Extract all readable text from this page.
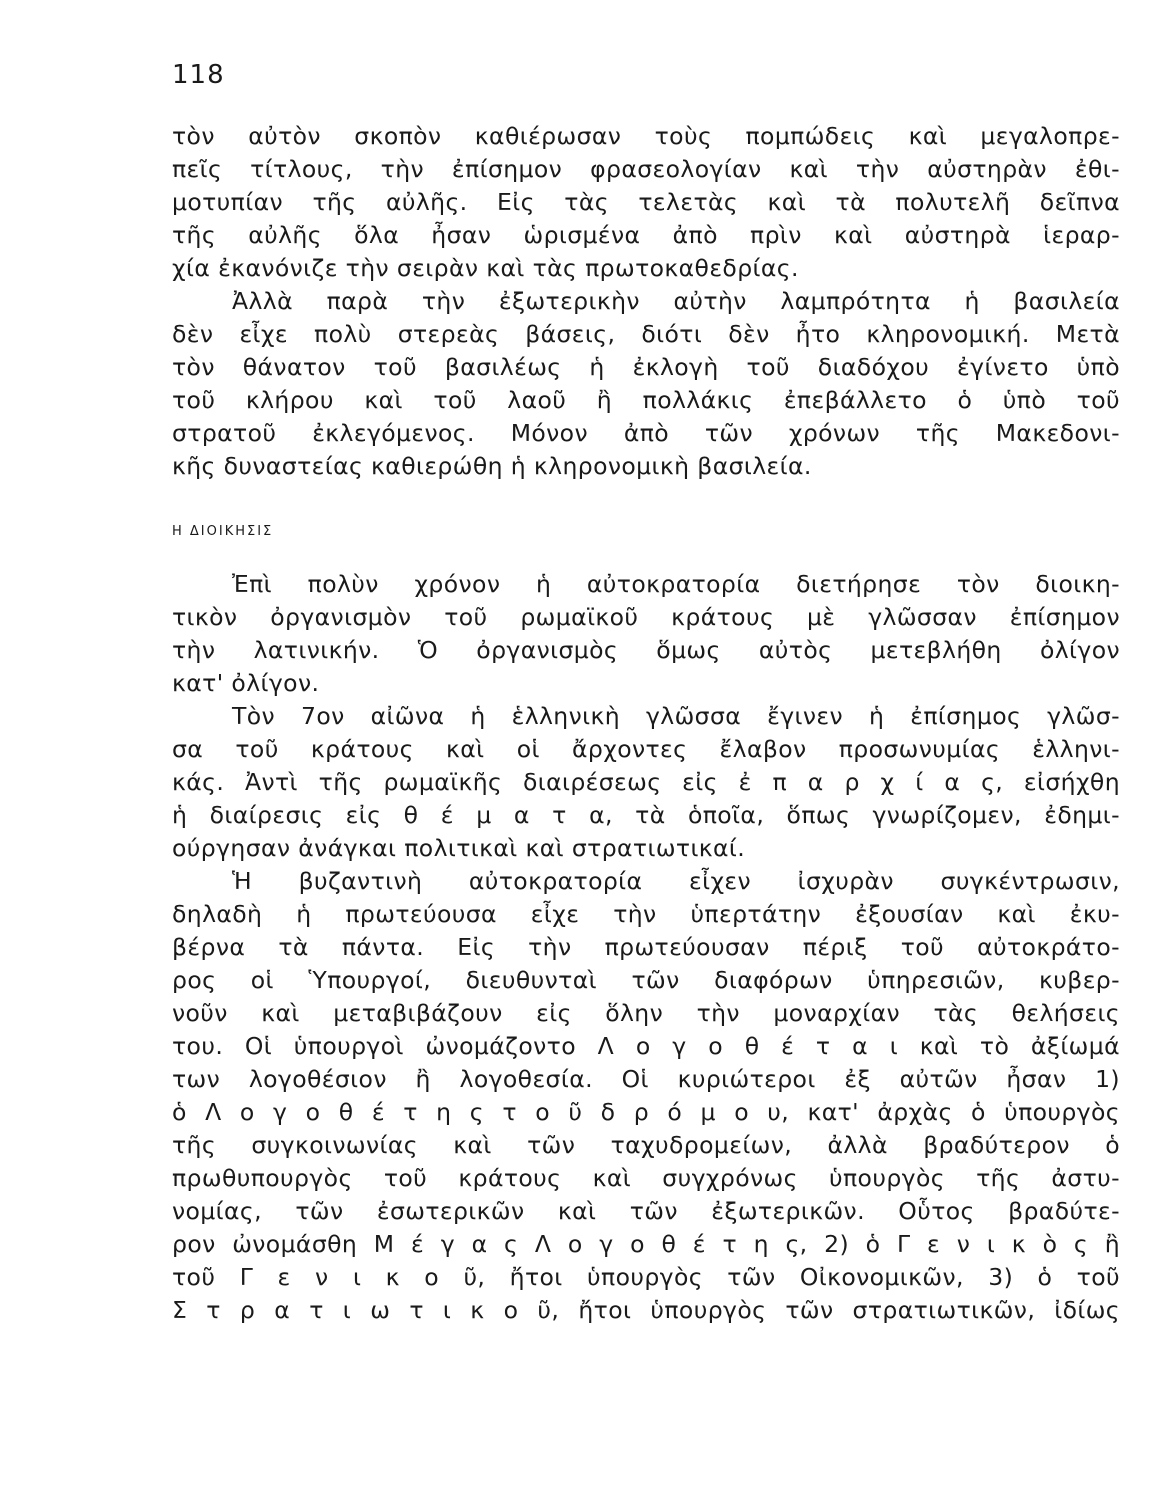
118
τὸν αὐτὸν σκοπὸν καθιέρωσαν τοὺς πομπώδεις καὶ μεγαλοπρε-
πεῖς τίτλους, τὴν ἐπίσημον φρασεολογίαν καὶ τὴν αὐστηρὰν ἐθι-
μοτυπίαν τῆς αὐλῆς. Εἰς τὰς τελετὰς καὶ τὰ πολυτελῆ δεῖπνα
τῆς αὐλῆς ὅλα ἦσαν ὡρισμένα ἀπὸ πρὶν καὶ αὐστηρὰ ἱεραρ-
χία ἐκανόνιζε τὴν σειρὰν καὶ τὰς πρωτοκαθεδρίας.
Ἀλλὰ παρὰ τὴν ἐξωτερικὴν αὐτὴν λαμπρότητα ἡ βασιλεία
δὲν εἶχε πολὺ στερεὰς βάσεις, διότι δὲν ἦτο κληρονομική. Μετὰ
τὸν θάνατον τοῦ βασιλέως ἡ ἐκλογὴ τοῦ διαδόχου ἐγίνετο ὑπὸ
τοῦ κλήρου καὶ τοῦ λαοῦ ἢ πολλάκις ἐπεβάλλετο ὁ ὑπὸ τοῦ
στρατοῦ ἐκλεγόμενος. Μόνον ἀπὸ τῶν χρόνων τῆς Μακεδονι-
κῆς δυναστείας καθιερώθη ἡ κληρονομικὴ βασιλεία.
Η ΔΙΟΙΚΗΣΙΣ
Ἐπὶ πολὺν χρόνον ἡ αὐτοκρατορία διετήρησε τὸν διοικη-
τικὸν ὀργανισμὸν τοῦ ρωμαϊκοῦ κράτους μὲ γλῶσσαν ἐπίσημον
τὴν λατινικήν. Ὁ ὀργανισμὸς ὅμως αὐτὸς μετεβλήθη ὀλίγον
κατ' ὀλίγον.
Τὸν 7ον αἰῶνα ἡ ἑλληνικὴ γλῶσσα ἔγινεν ἡ ἐπίσημος γλῶσ-
σα τοῦ κράτους καὶ οἱ ἄρχοντες ἔλαβον προσωνυμίας ἑλληνι-
κάς. Ἀντὶ τῆς ρωμαϊκῆς διαιρέσεως εἰς ἐ π α ρ χ ί α ς, εἰσήχθη
ἡ διαίρεσις εἰς θ έ μ α τ α, τὰ ὁποῖα, ὅπως γνωρίζομεν, ἐδημι-
ούργησαν ἀνάγκαι πολιτικαὶ καὶ στρατιωτικαί.
Ἡ βυζαντινὴ αὐτοκρατορία εἶχεν ἰσχυρὰν συγκέντρωσιν,
δηλαδὴ ἡ πρωτεύουσα εἶχε τὴν ὑπερτάτην ἐξουσίαν καὶ ἐκυ-
βέρνα τὰ πάντα. Εἰς τὴν πρωτεύουσαν πέριξ τοῦ αὐτοκράτο-
ρος οἱ Ὑπουργοί, διευθυνταὶ τῶν διαφόρων ὑπηρεσιῶν, κυβερ-
νοῦν καὶ μεταβιβάζουν εἰς ὅλην τὴν μοναρχίαν τὰς θελήσεις
του. Οἱ ὑπουργοὶ ὠνομάζοντο Λ ο γ ο θ έ τ α ι καὶ τὸ ἀξίωμά
των λογοθέσιον ἢ λογοθεσία. Οἱ κυριώτεροι ἐξ αὐτῶν ἦσαν 1)
ὁ Λ ο γ ο θ έ τ η ς τ ο ῦ δ ρ ό μ ο υ, κατ' ἀρχὰς ὁ ὑπουργὸς
τῆς συγκοινωνίας καὶ τῶν ταχυδρομείων, ἀλλὰ βραδύτερον ὁ
πρωθυπουργὸς τοῦ κράτους καὶ συγχρόνως ὑπουργὸς τῆς ἀστυ-
νομίας, τῶν ἐσωτερικῶν καὶ τῶν ἐξωτερικῶν. Οὗτος βραδύτε-
ρον ὠνομάσθη Μ έ γ α ς Λ ο γ ο θ έ τ η ς, 2) ὁ Γ ε ν ι κ ὸ ς ἢ
τοῦ Γ ε ν ι κ ο ῦ, ἤτοι ὑπουργὸς τῶν Οἰκονομικῶν, 3) ὁ τοῦ
Σ τ ρ α τ ι ω τ ι κ ο ῦ, ἤτοι ὑπουργὸς τῶν στρατιωτικῶν, ἰδίως
